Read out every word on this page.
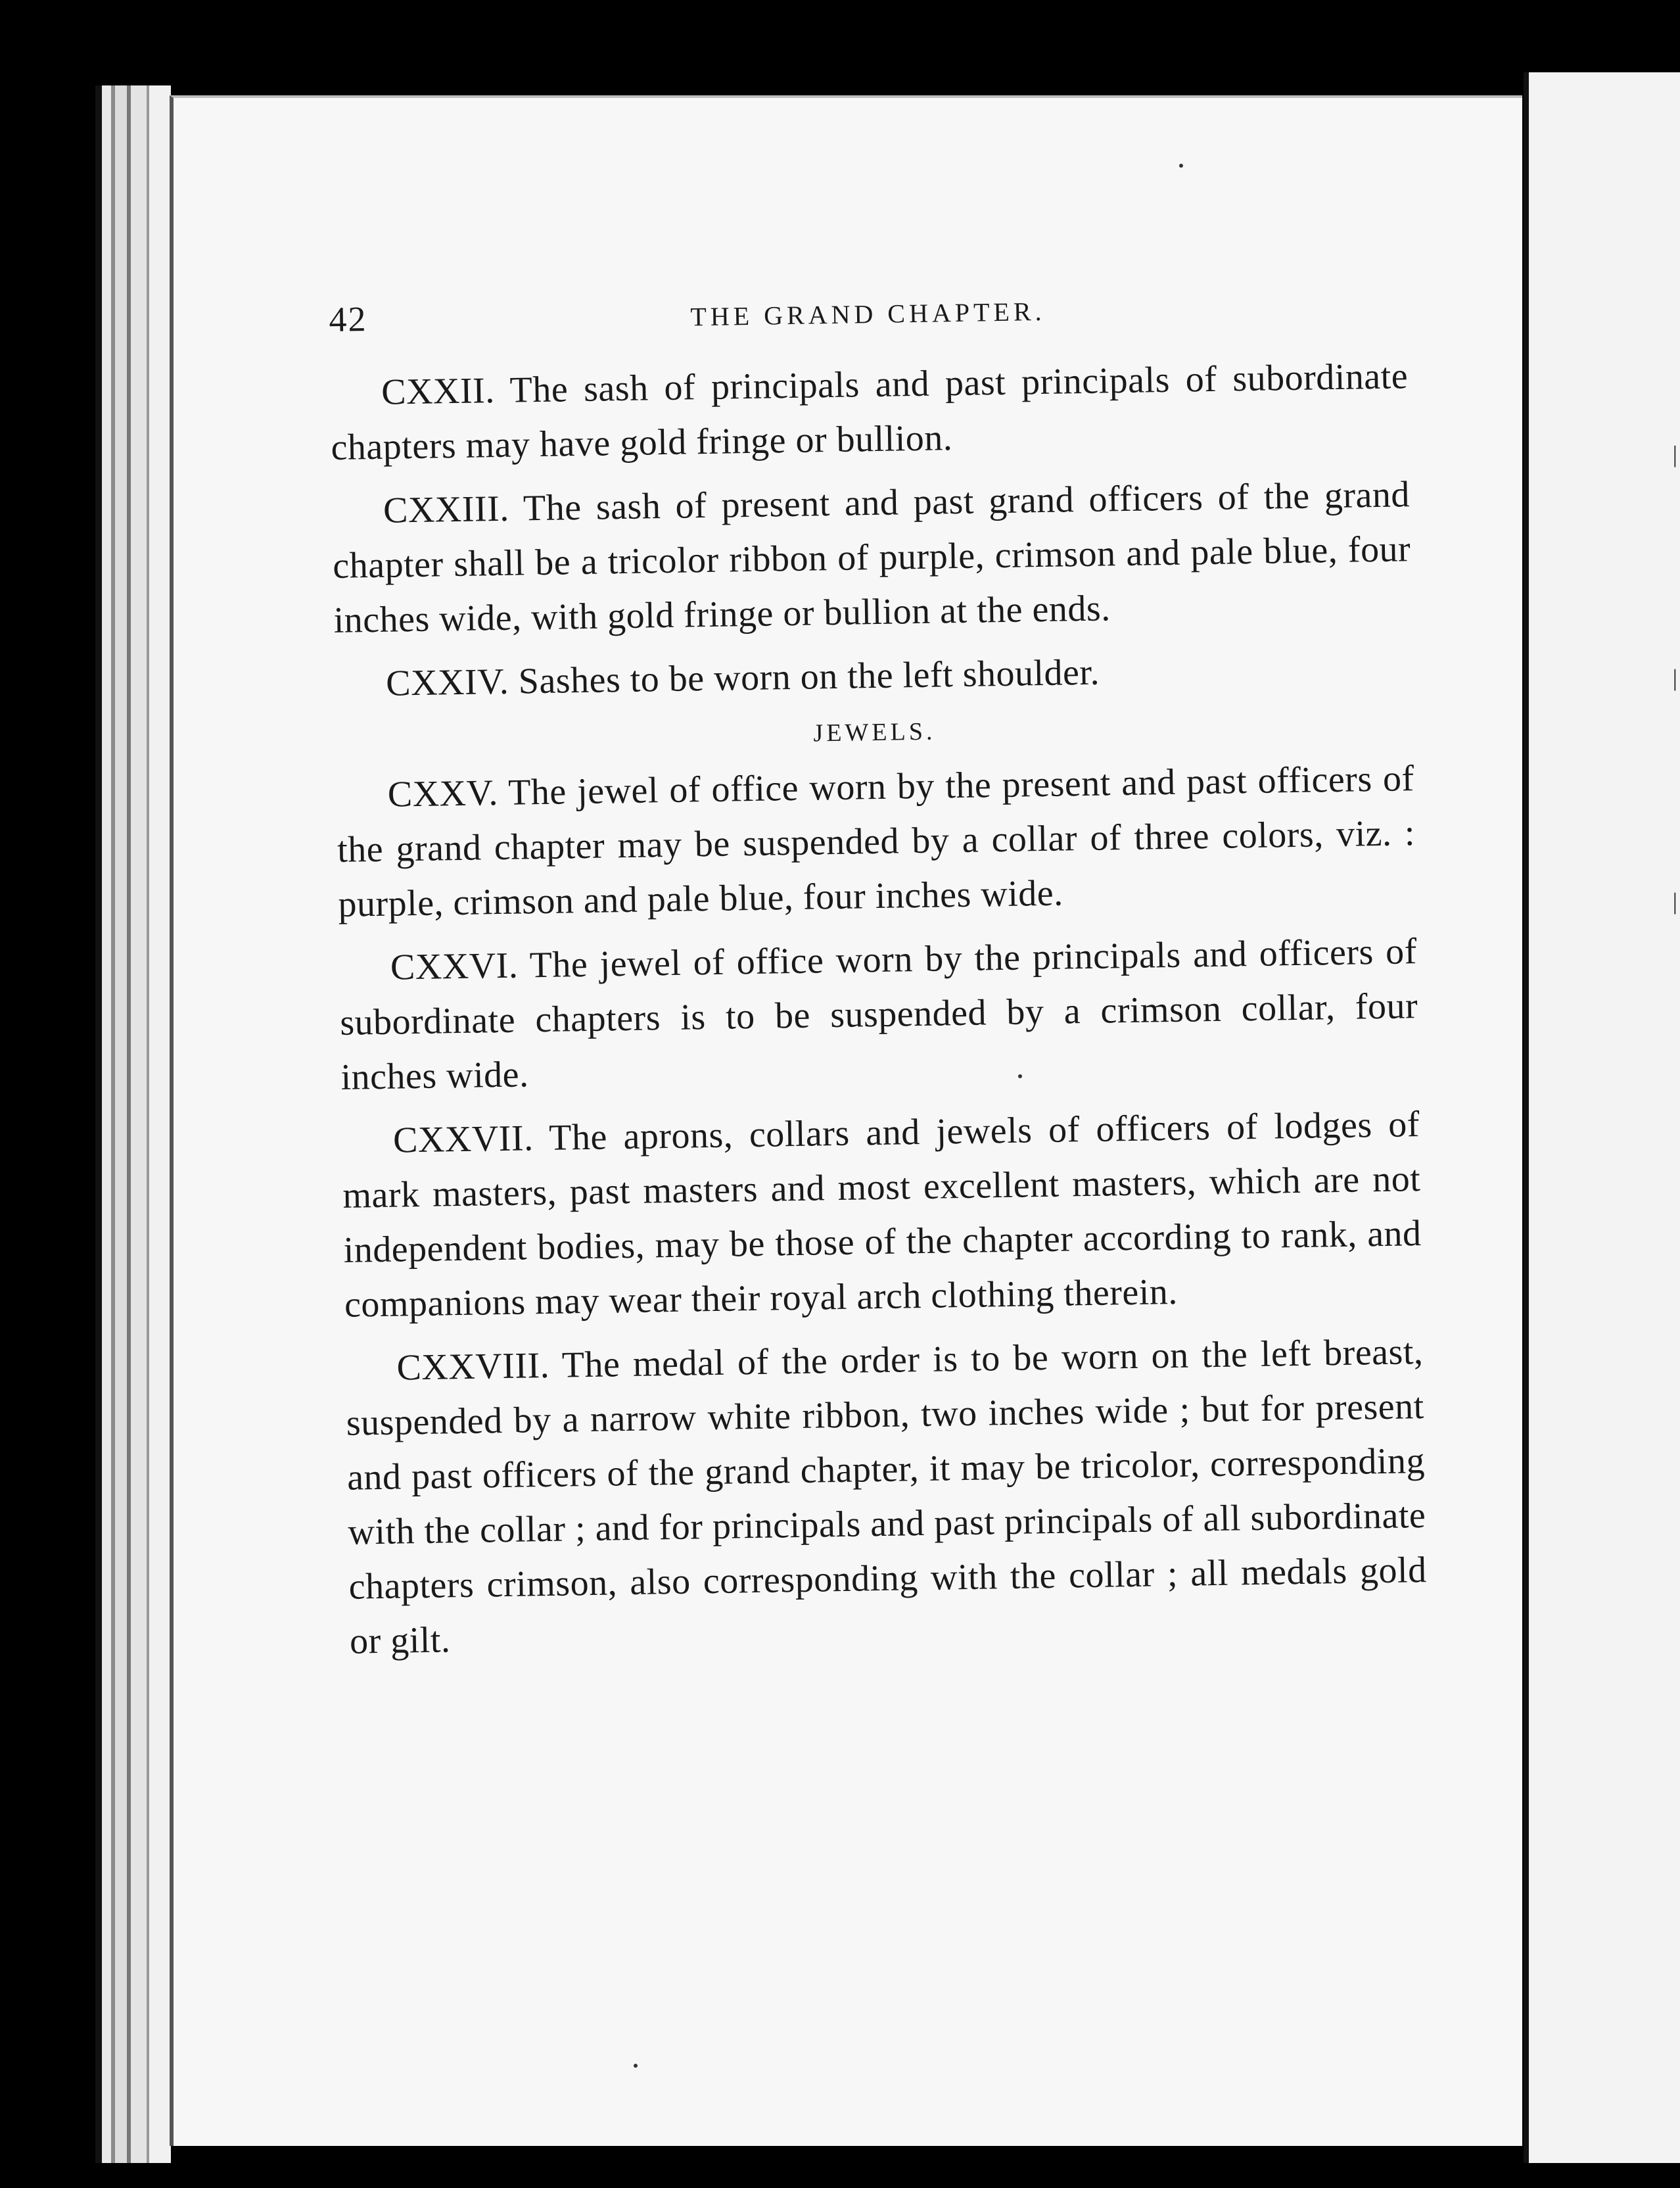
|
|
|
42	THE GRAND CHAPTER.

CXXII. The sash of principals and past principals of subordinate chapters may have gold fringe or bullion.

CXXIII. The sash of present and past grand officers of the grand chapter shall be a tricolor ribbon of purple, crimson and pale blue, four inches wide, with gold fringe or bullion at the ends.

CXXIV. Sashes to be worn on the left shoulder.

JEWELS.

CXXV. The jewel of office worn by the present and past officers of the grand chapter may be suspended by a collar of three colors, viz. : purple, crimson and pale blue, four inches wide.

CXXVI. The jewel of office worn by the principals and officers of subordinate chapters is to be suspended by a crimson collar, four inches wide.

CXXVII. The aprons, collars and jewels of officers of lodges of mark masters, past masters and most excellent masters, which are not independent bodies, may be those of the chapter according to rank, and companions may wear their royal arch clothing therein.

CXXVIII. The medal of the order is to be worn on the left breast, suspended by a narrow white ribbon, two inches wide ; but for present and past officers of the grand chapter, it may be tricolor, corresponding with the collar ; and for principals and past principals of all subordinate chapters crimson, also corresponding with the collar ; all medals gold or gilt.
